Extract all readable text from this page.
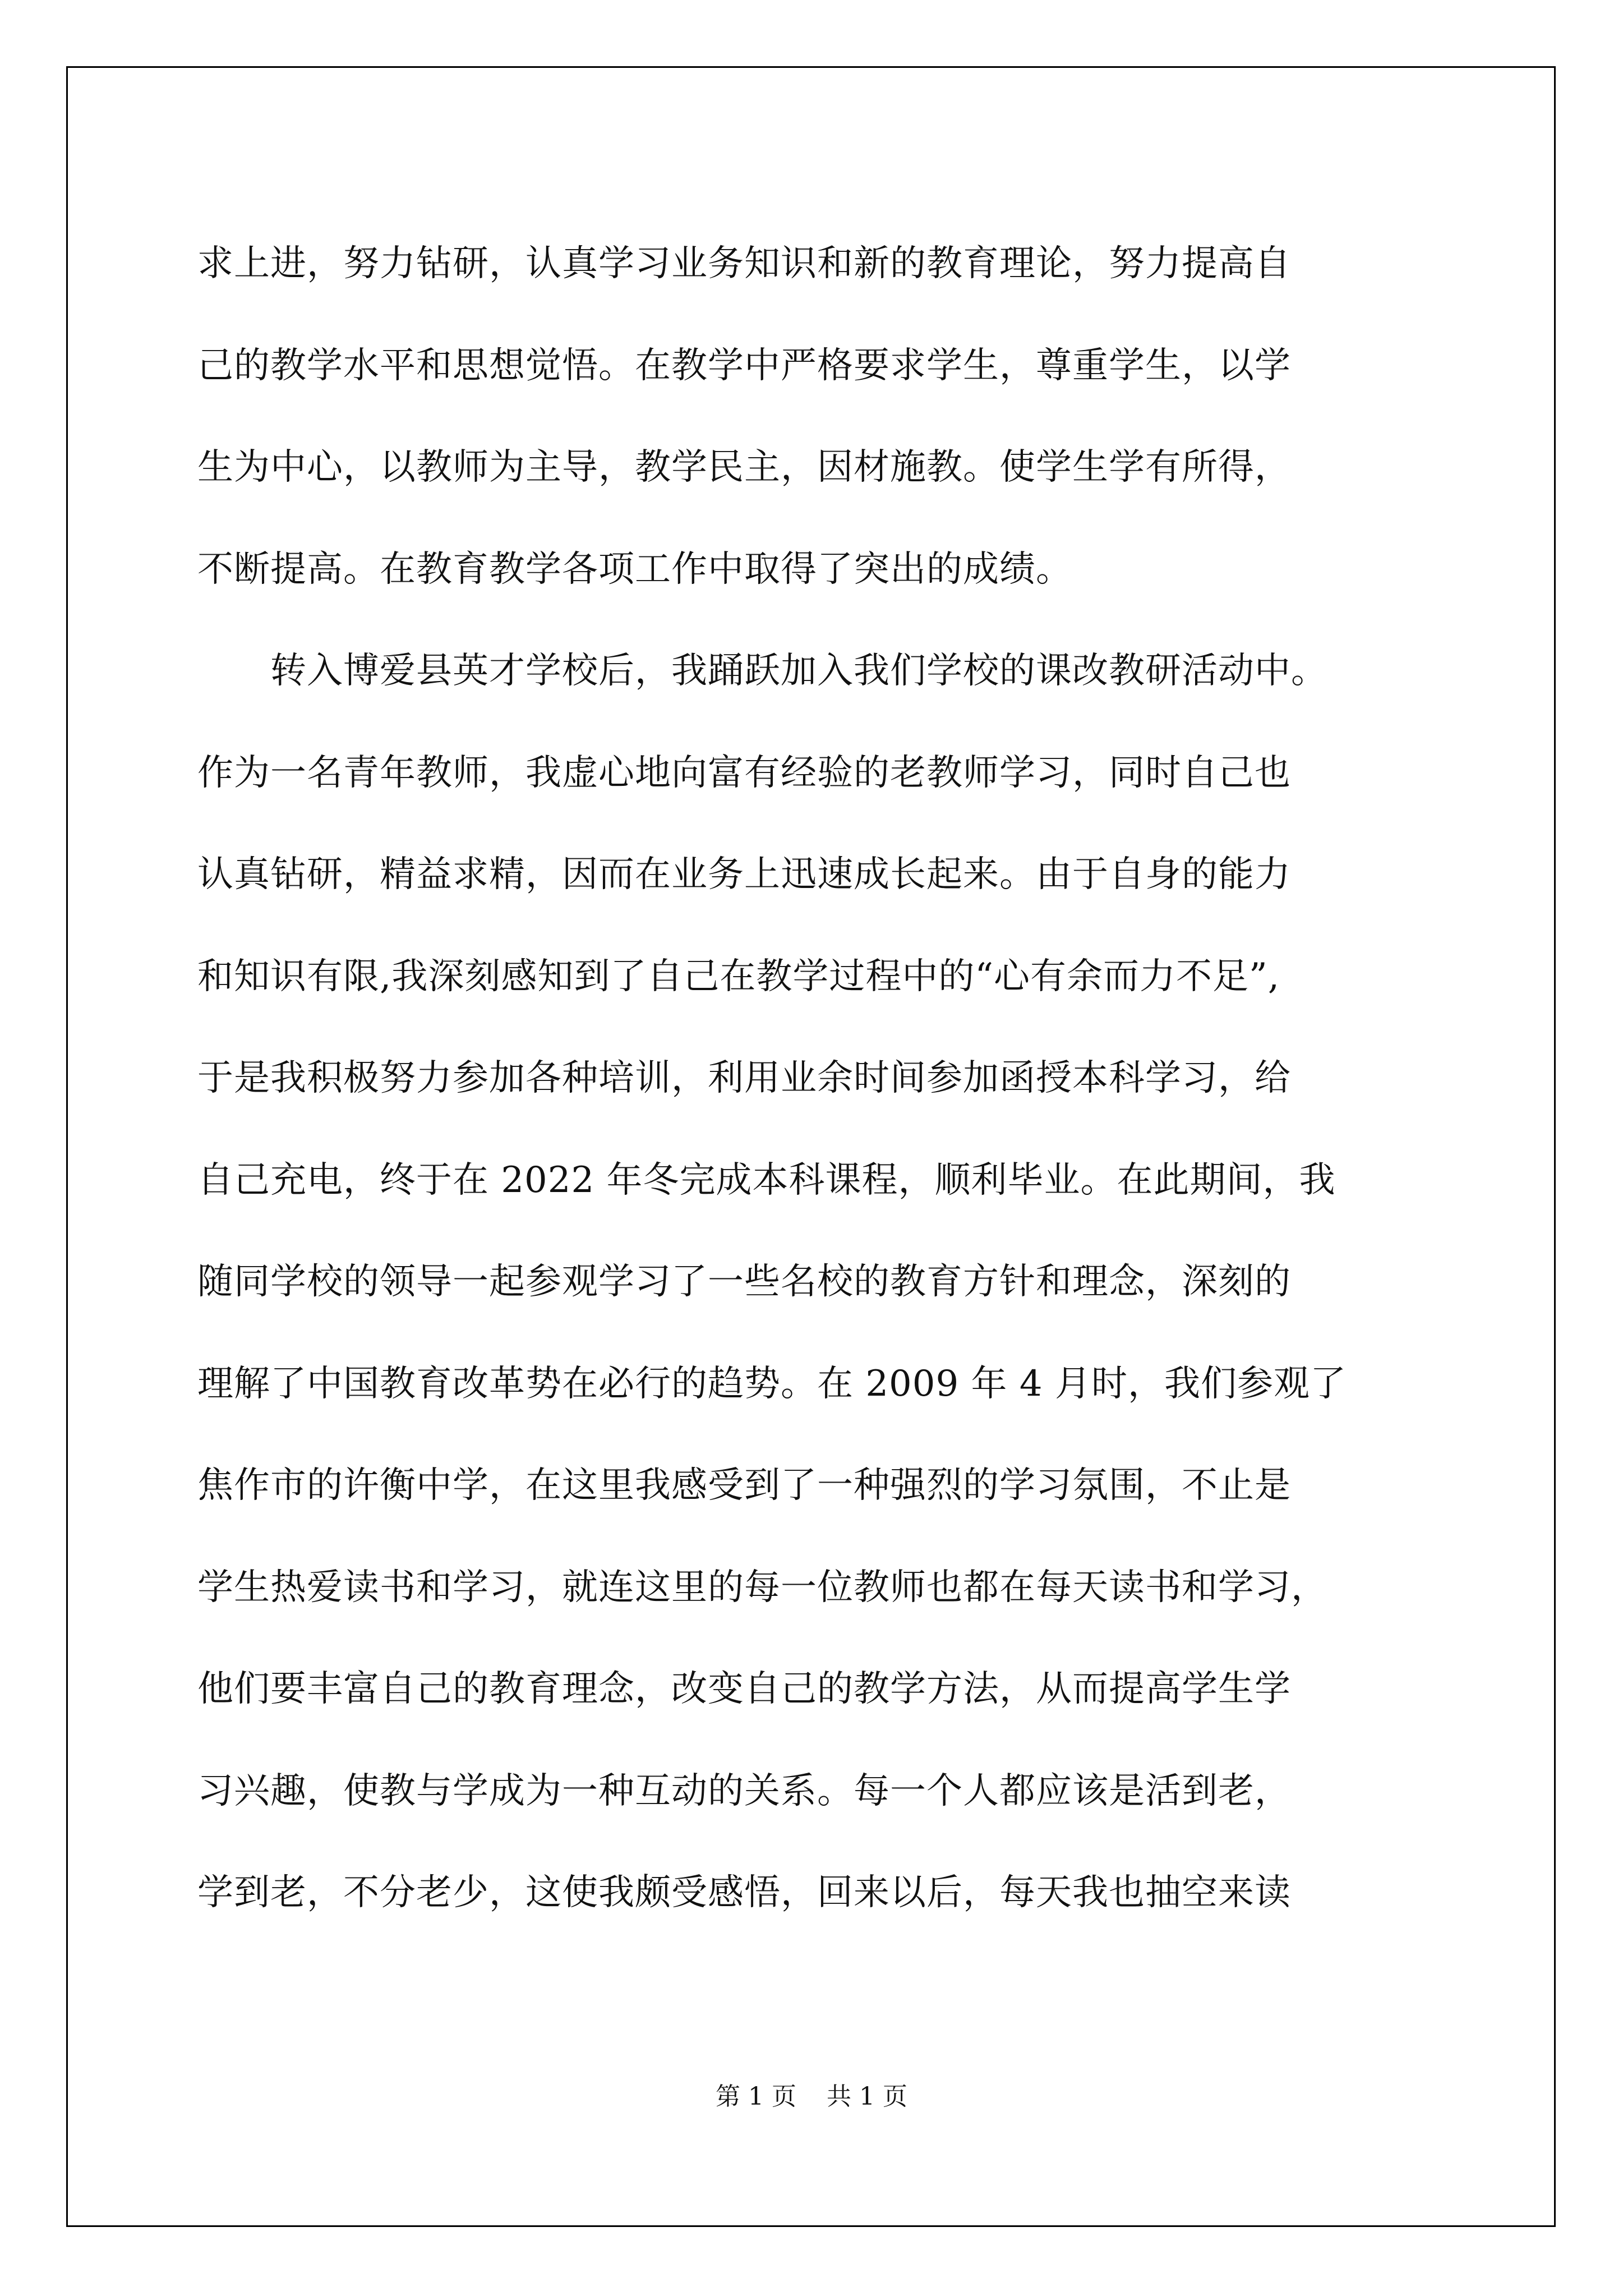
求上进，努力钻研，认真学习业务知识和新的教育理论，努力提高自
己的教学水平和思想觉悟。在教学中严格要求学生，尊重学生，以学
生为中心，以教师为主导，教学民主，因材施教。使学生学有所得，
不断提高。在教育教学各项工作中取得了突出的成绩。
　　转入博爱县英才学校后，我踊跃加入我们学校的课改教研活动中。
作为一名青年教师，我虚心地向富有经验的老教师学习，同时自己也
认真钻研，精益求精，因而在业务上迅速成长起来。由于自身的能力
和知识有限,我深刻感知到了自己在教学过程中的“心有余而力不足”,
于是我积极努力参加各种培训，利用业余时间参加函授本科学习，给
自己充电，终于在 2022 年冬完成本科课程，顺利毕业。在此期间，我
随同学校的领导一起参观学习了一些名校的教育方针和理念，深刻的
理解了中国教育改革势在必行的趋势。在 2009 年 4 月时，我们参观了
焦作市的许衡中学，在这里我感受到了一种强烈的学习氛围，不止是
学生热爱读书和学习，就连这里的每一位教师也都在每天读书和学习，
他们要丰富自己的教育理念，改变自己的教学方法，从而提高学生学
习兴趣，使教与学成为一种互动的关系。每一个人都应该是活到老，
学到老，不分老少，这使我颇受感悟，回来以后，每天我也抽空来读
第 1 页 共 1 页
